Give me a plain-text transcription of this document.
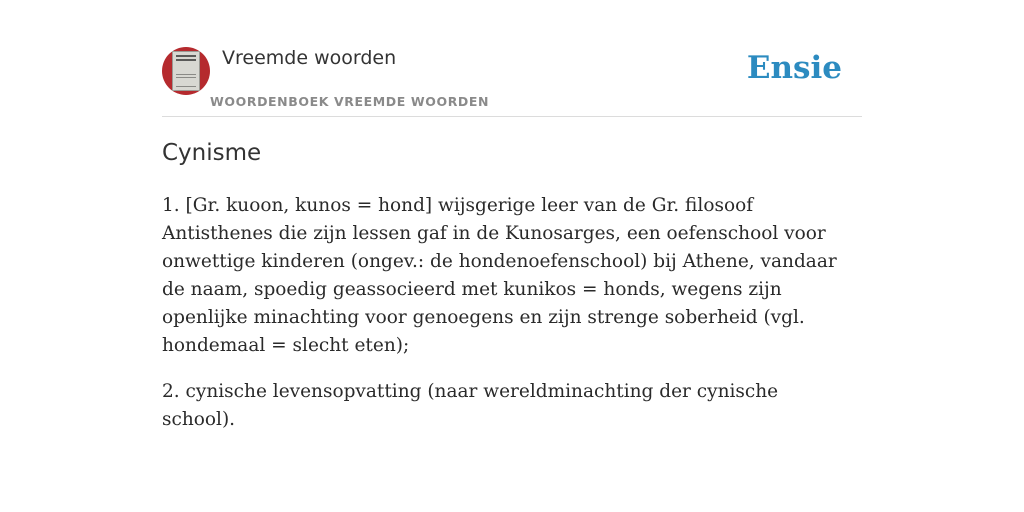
Vreemde woorden
WOORDENBOEK VREEMDE WOORDEN
Ensie
Cynisme

1. [Gr. kuoon, kunos = hond] wijsgerige leer van de Gr. filosoof Antisthenes die zijn lessen gaf in de Kunosarges, een oefenschool voor onwettige kinderen (ongev.: de hondenoefenschool) bij Athene, vandaar de naam, spoedig geassocieerd met kunikos = honds, wegens zijn openlijke minachting voor genoegens en zijn strenge soberheid (vgl. hondemaal = slecht eten);

2. cynische levensopvatting (naar wereldminachting der cynische school).
